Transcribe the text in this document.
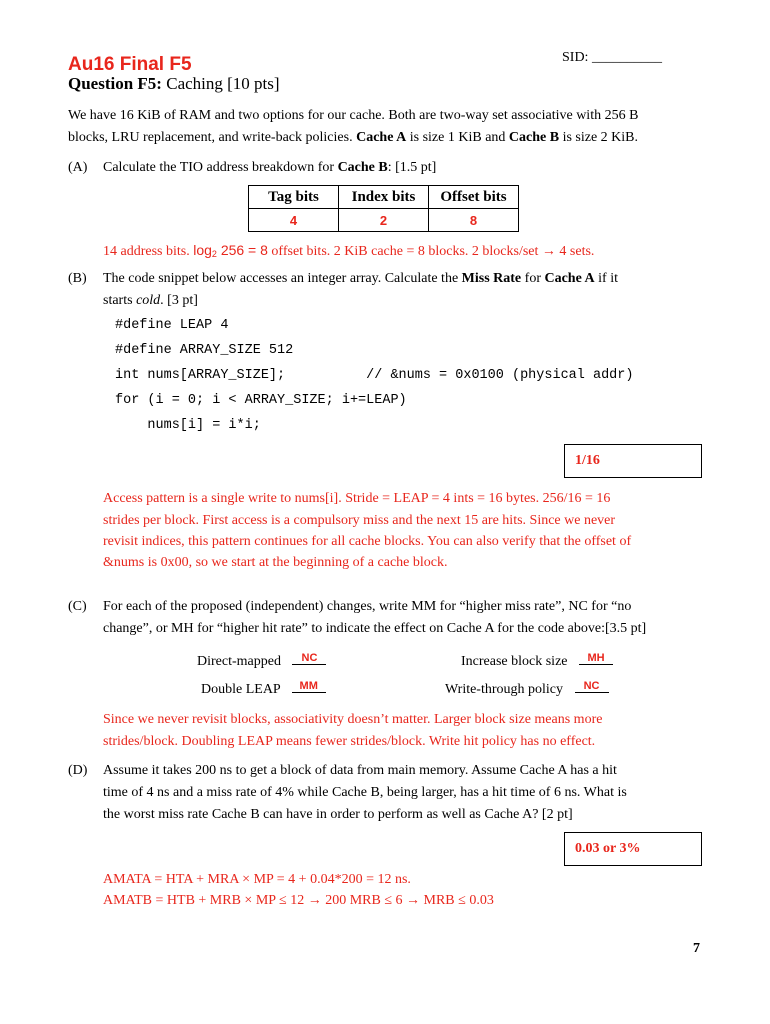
SID: __________
Au16 Final F5
Question F5: Caching [10 pts]
We have 16 KiB of RAM and two options for our cache. Both are two-way set associative with 256 B
blocks, LRU replacement, and write-back policies. Cache A is size 1 KiB and Cache B is size 2 KiB.
(A) Calculate the TIO address breakdown for Cache B: [1.5 pt]
Tag bits	Index bits	Offset bits
4	2	8
14 address bits. $\log_2 256 = 8$ offset bits. 2 KiB cache = 8 blocks. 2 blocks/set → 4 sets.
(B) The code snippet below accesses an integer array. Calculate the Miss Rate for Cache A if it
starts cold. [3 pt]
#define LEAP 4
#define ARRAY_SIZE 512
int nums[ARRAY_SIZE];          // &nums = 0x0100 (physical addr)
for (i = 0; i < ARRAY_SIZE; i+=LEAP)
nums[i] = i*i;
1/16
Access pattern is a single write to nums[i]. Stride = LEAP = 4 ints = 16 bytes. 256/16 = 16
strides per block. First access is a compulsory miss and the next 15 are hits. Since we never
revisit indices, this pattern continues for all cache blocks. You can also verify that the offset of
&nums is 0x00, so we start at the beginning of a cache block.
(C) For each of the proposed (independent) changes, write MM for “higher miss rate”, NC for “no
change”, or MH for “higher hit rate” to indicate the effect on Cache A for the code above:[3.5 pt]
Direct-mapped NC	Increase block size MH
Double LEAP MM	Write-through policy NC
Since we never revisit blocks, associativity doesn’t matter. Larger block size means more
strides/block. Doubling LEAP means fewer strides/block. Write hit policy has no effect.
(D) Assume it takes 200 ns to get a block of data from main memory. Assume Cache A has a hit
time of 4 ns and a miss rate of 4% while Cache B, being larger, has a hit time of 6 ns. What is
the worst miss rate Cache B can have in order to perform as well as Cache A? [2 pt]
0.03 or 3%
AMATA = HTA + MRA × MP = 4 + 0.04*200 = 12 ns.
AMATB = HTB + MRB × MP ≤ 12 → 200 MRB ≤ 6 → MRB ≤ 0.03
7
